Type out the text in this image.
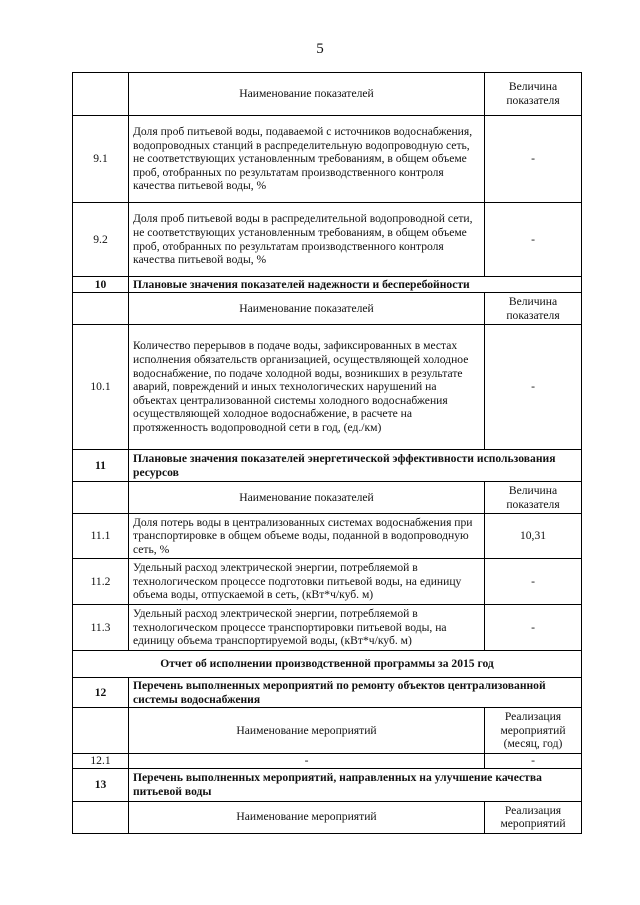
5
	Наименование показателей	Величина показателя
9.1	Доля проб питьевой воды, подаваемой с источников водоснабжения, водопроводных станций в распределительную водопроводную сеть, не соответствующих установленным требованиям, в общем объеме проб, отобранных по результатам производственного контроля качества питьевой воды, %	-
9.2	Доля проб питьевой воды в распределительной водопроводной сети, не соответствующих установленным требованиям, в общем объеме проб, отобранных по результатам производственного контроля качества питьевой воды, %	-
10	Плановые значения показателей надежности и бесперебойности	
	Наименование показателей	Величина показателя
10.1	Количество перерывов в подаче воды, зафиксированных в местах исполнения обязательств организацией, осуществляющей холодное водоснабжение, по подаче холодной воды, возникших в результате аварий, повреждений и иных технологических нарушений на объектах централизованной системы холодного водоснабжения осуществляющей холодное водоснабжение, в расчете на протяженность водопроводной сети в год, (ед./км)	-
11	Плановые значения показателей энергетической эффективности использования ресурсов	
	Наименование показателей	Величина показателя
11.1	Доля потерь воды в централизованных системах водоснабжения при транспортировке в общем объеме воды, поданной в водопроводную сеть, %	10,31
11.2	Удельный расход электрической энергии, потребляемой в технологическом процессе подготовки питьевой воды, на единицу объема воды, отпускаемой в сеть, (кВт*ч/куб. м)	-
11.3	Удельный расход электрической энергии, потребляемой в технологическом процессе транспортировки питьевой воды, на единицу объема транспортируемой воды, (кВт*ч/куб. м)	-
Отчет об исполнении производственной программы за 2015 год		
12	Перечень выполненных мероприятий по ремонту объектов централизованной системы водоснабжения	
	Наименование мероприятий	Реализация мероприятий (месяц, год)
12.1	-	-
13	Перечень выполненных мероприятий, направленных на улучшение качества питьевой воды	
	Наименование мероприятий	Реализация мероприятий
